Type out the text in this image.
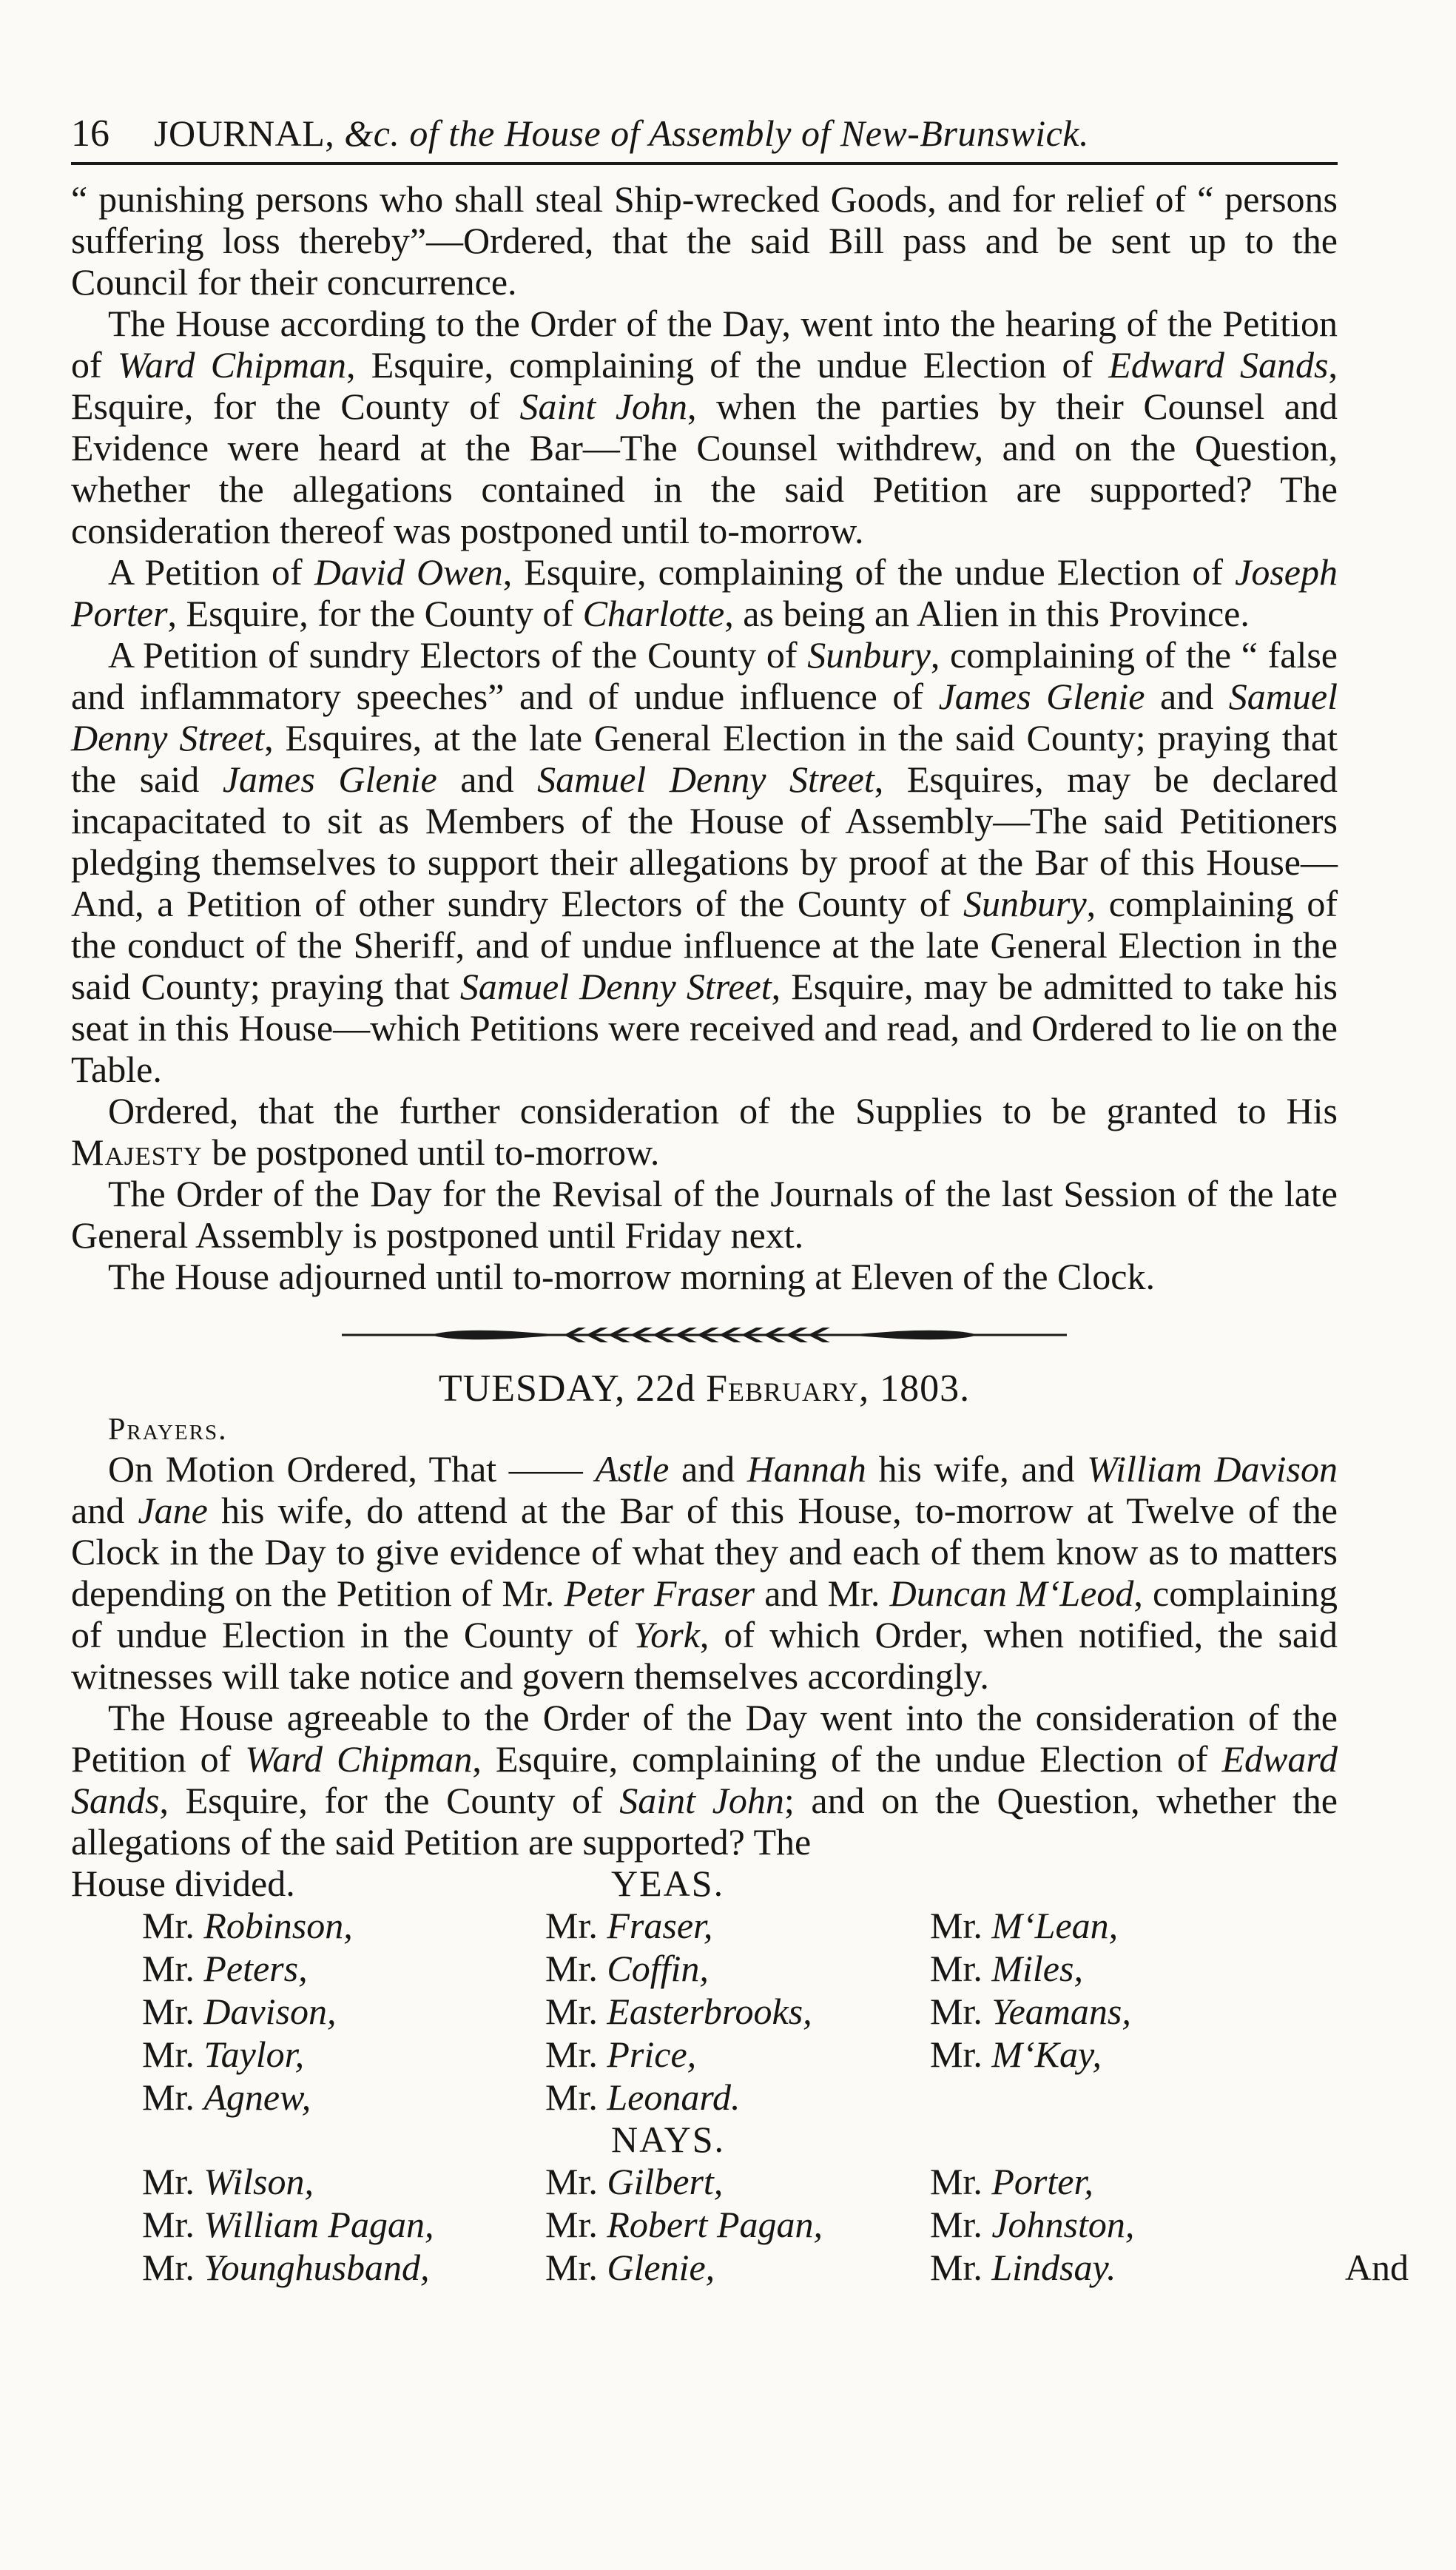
16 JOURNAL, &c. of the House of Assembly of New-Brunswick.

“ punishing persons who shall steal Ship-wrecked Goods, and for relief of “ persons suffering loss thereby”—Ordered, that the said Bill pass and be sent up to the Council for their concurrence.

The House according to the Order of the Day, went into the hearing of the Petition of Ward Chipman, Esquire, complaining of the undue Election of Edward Sands, Esquire, for the County of Saint John, when the parties by their Counsel and Evidence were heard at the Bar—The Counsel withdrew, and on the Question, whether the allegations contained in the said Petition are supported? The consideration thereof was postponed until to-morrow.

A Petition of David Owen, Esquire, complaining of the undue Election of Joseph Porter, Esquire, for the County of Charlotte, as being an Alien in this Province.

A Petition of sundry Electors of the County of Sunbury, complaining of the “ false and inflammatory speeches” and of undue influence of James Glenie and Samuel Denny Street, Esquires, at the late General Election in the said County; praying that the said James Glenie and Samuel Denny Street, Esquires, may be declared incapacitated to sit as Members of the House of Assembly—The said Petitioners pledging themselves to support their allegations by proof at the Bar of this House—And, a Petition of other sundry Electors of the County of Sunbury, complaining of the conduct of the Sheriff, and of undue influence at the late General Election in the said County; praying that Samuel Denny Street, Esquire, may be admitted to take his seat in this House—which Petitions were received and read, and Ordered to lie on the Table.

Ordered, that the further consideration of the Supplies to be granted to His Majesty be postponed until to-morrow.

The Order of the Day for the Revisal of the Journals of the last Session of the late General Assembly is postponed until Friday next.

The House adjourned until to-morrow morning at Eleven of the Clock.

TUESDAY, 22d February, 1803.
Prayers.

On Motion Ordered, That —— Astle and Hannah his wife, and William Davison and Jane his wife, do attend at the Bar of this House, to-morrow at Twelve of the Clock in the Day to give evidence of what they and each of them know as to matters depending on the Petition of Mr. Peter Fraser and Mr. Duncan M‘Leod, complaining of undue Election in the County of York, of which Order, when notified, the said witnesses will take notice and govern themselves accordingly.

The House agreeable to the Order of the Day went into the consideration of the Petition of Ward Chipman, Esquire, complaining of the undue Election of Edward Sands, Esquire, for the County of Saint John; and on the Question, whether the allegations of the said Petition are supported? The

House divided.	YEAS.
Mr. Robinson,	Mr. Fraser,	Mr. M‘Lean,
Mr. Peters,	Mr. Coffin,	Mr. Miles,
Mr. Davison,	Mr. Easterbrooks,	Mr. Yeamans,
Mr. Taylor,	Mr. Price,	Mr. M‘Kay,
Mr. Agnew,	Mr. Leonard.
NAYS.
Mr. Wilson,	Mr. Gilbert,	Mr. Porter,
Mr. William Pagan,	Mr. Robert Pagan,	Mr. Johnston,
Mr. Younghusband,	Mr. Glenie,	Mr. Lindsay.	And
